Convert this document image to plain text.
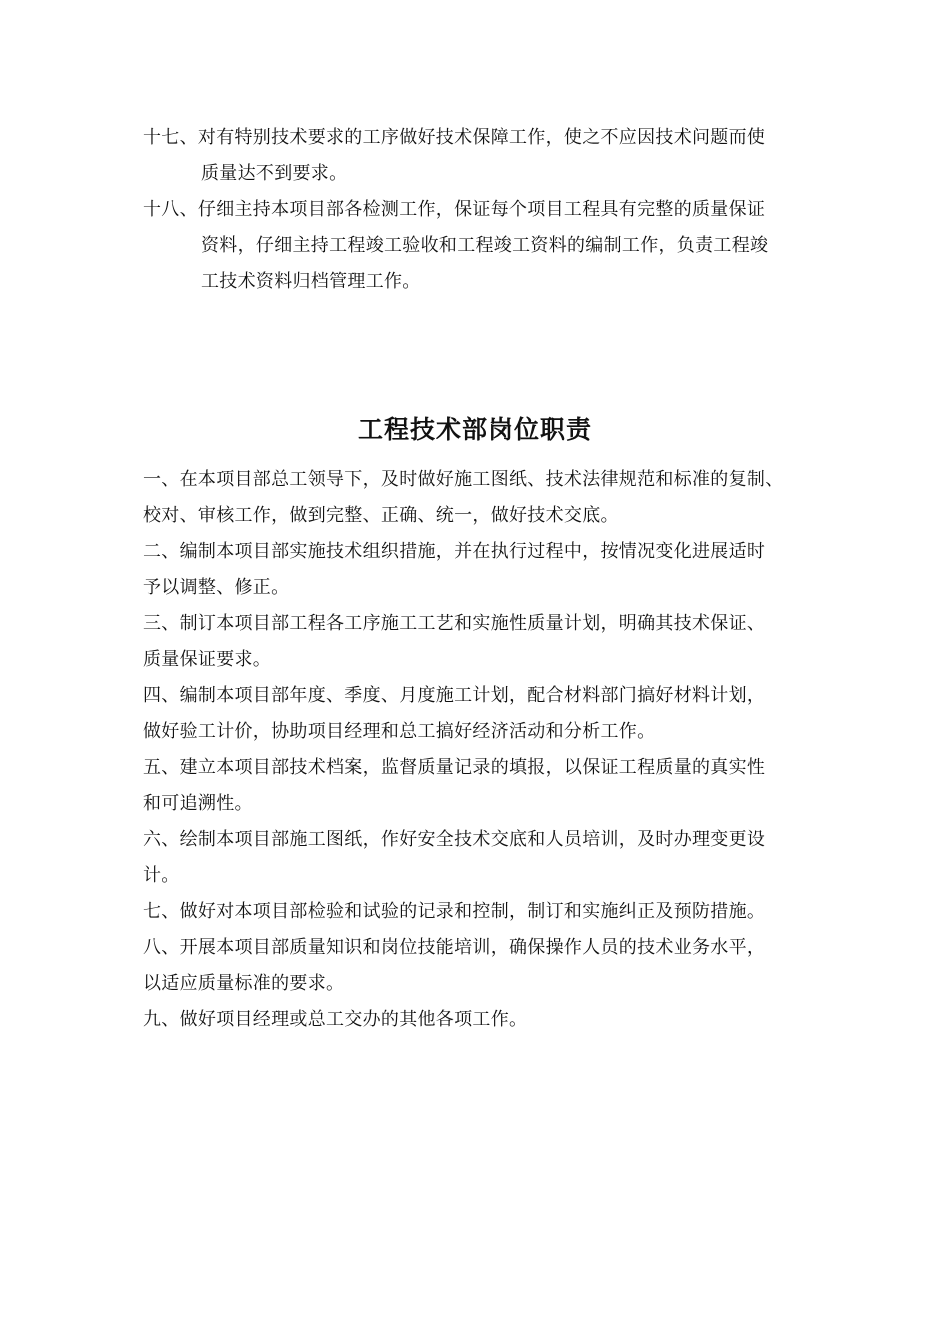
十七、对有特别技术要求的工序做好技术保障工作，使之不应因技术问题而使
质量达不到要求。
十八、仔细主持本项目部各检测工作，保证每个项目工程具有完整的质量保证
资料，仔细主持工程竣工验收和工程竣工资料的编制工作，负责工程竣
工技术资料归档管理工作。
工程技术部岗位职责
一、在本项目部总工领导下，及时做好施工图纸、技术法律规范和标准的复制、
校对、审核工作，做到完整、正确、统一，做好技术交底。
二、编制本项目部实施技术组织措施，并在执行过程中，按情况变化进展适时
予以调整、修正。
三、制订本项目部工程各工序施工工艺和实施性质量计划，明确其技术保证、
质量保证要求。
四、编制本项目部年度、季度、月度施工计划，配合材料部门搞好材料计划，
做好验工计价，协助项目经理和总工搞好经济活动和分析工作。
五、建立本项目部技术档案，监督质量记录的填报，以保证工程质量的真实性
和可追溯性。
六、绘制本项目部施工图纸，作好安全技术交底和人员培训，及时办理变更设
计。
七、做好对本项目部检验和试验的记录和控制，制订和实施纠正及预防措施。
八、开展本项目部质量知识和岗位技能培训，确保操作人员的技术业务水平，
以适应质量标准的要求。
九、做好项目经理或总工交办的其他各项工作。
